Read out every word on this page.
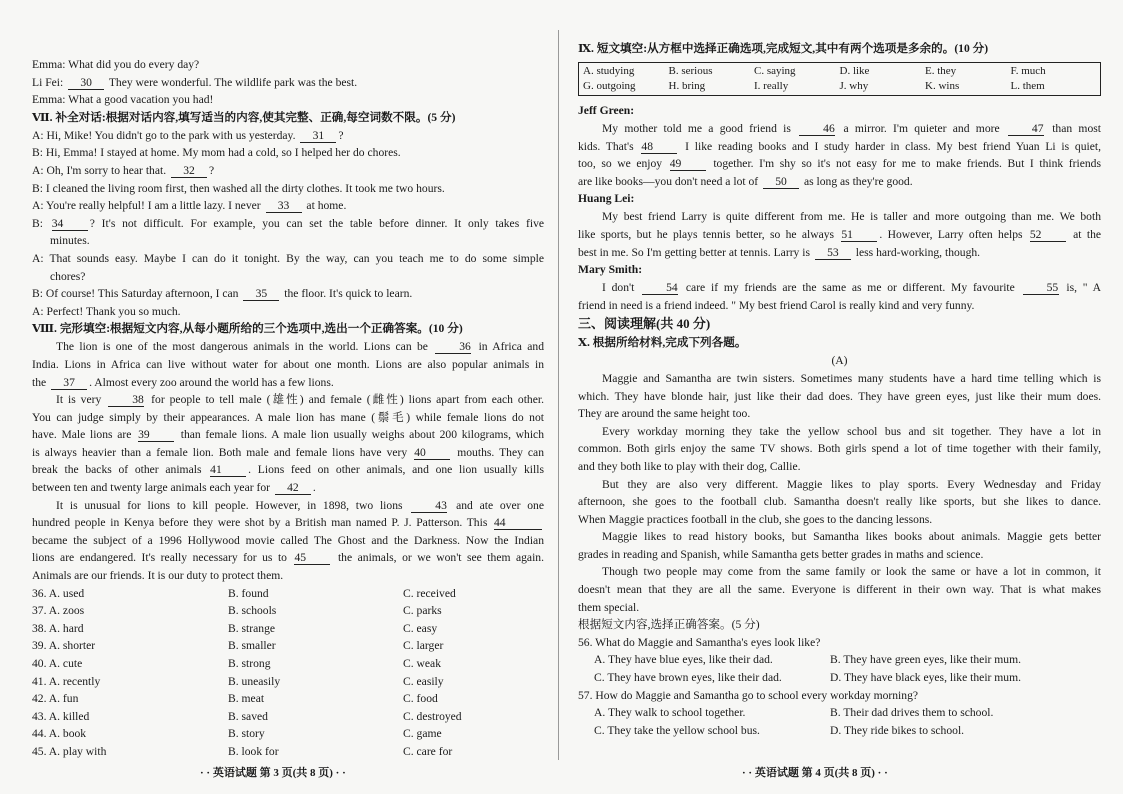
Emma: What did you do every day?

Li Fei: 30 They were wonderful. The wildlife park was the best.

Emma: What a good vacation you had!

Ⅶ. 补全对话:根据对话内容,填写适当的内容,使其完整、正确,每空词数不限。(5 分)

A: Hi, Mike! You didn't go to the park with us yesterday. 31 ?

B: Hi, Emma! I stayed at home. My mom had a cold, so I helped her do chores.

A: Oh, I'm sorry to hear that. 32 ?

B: I cleaned the living room first, then washed all the dirty clothes. It took me two hours.

A: You're really helpful! I am a little lazy. I never 33 at home.

B: 34 ? It's not difficult. For example, you can set the table before dinner. It only takes five

minutes.

A: That sounds easy. Maybe I can do it tonight. By the way, can you teach me to do some simple

chores?

B: Of course! This Saturday afternoon, I can 35 the floor. It's quick to learn.

A: Perfect! Thank you so much.

Ⅷ. 完形填空:根据短文内容,从每小题所给的三个选项中,选出一个正确答案。(10 分)

The lion is one of the most dangerous animals in the world. Lions can be 36 in Africa and

India. Lions in Africa can live without water for about one month. Lions are also popular animals in

the 37 . Almost every zoo around the world has a few lions.

It is very 38 for people to tell male (雄性) and female (雌性) lions apart from each other.

You can judge simply by their appearances. A male lion has mane (鬃毛) while female lions do not

have. Male lions are 39 than female lions. A male lion usually weighs about 200 kilograms, which

is always heavier than a female lion. Both male and female lions have very 40 mouths. They can

break the backs of other animals 41 . Lions feed on other animals, and one lion usually kills

between ten and twenty large animals each year for 42 .

It is unusual for lions to kill people. However, in 1898, two lions 43 and ate over one

hundred people in Kenya before they were shot by a British man named P. J. Patterson. This 44

became the subject of a 1996 Hollywood movie called The Ghost and the Darkness. Now the Indian

lions are endangered. It's really necessary for us to 45 the animals, or we won't see them again.

Animals are our friends. It is our duty to protect them.

36. A. used	B. found	C. received
37. A. zoos	B. schools	C. parks
38. A. hard	B. strange	C. easy
39. A. shorter	B. smaller	C. larger
40. A. cute	B. strong	C. weak
41. A. recently	B. uneasily	C. easily
42. A. fun	B. meat	C. food
43. A. killed	B. saved	C. destroyed
44. A. book	B. story	C. game
45. A. play with	B. look for	C. care for
· · 英语试题 第 3 页(共 8 页) · ·

Ⅸ. 短文填空:从方框中选择正确选项,完成短文,其中有两个选项是多余的。(10 分)

A. studying	B. serious	C. saying	D. like	E. they	F. much
G. outgoing	H. bring	I. really	J. why	K. wins	L. them

Jeff Green:

My mother told me a good friend is 46 a mirror. I'm quieter and more 47 than most

kids. That's 48 I like reading books and I study harder in class. My best friend Yuan Li is quiet,

too, so we enjoy 49 together. I'm shy so it's not easy for me to make friends. But I think friends

are like books—you don't need a lot of 50 as long as they're good.

Huang Lei:

My best friend Larry is quite different from me. He is taller and more outgoing than me. We both

like sports, but he plays tennis better, so he always 51 . However, Larry often helps 52 at the

best in me. So I'm getting better at tennis. Larry is 53 less hard-working, though.

Mary Smith:

I don't 54 care if my friends are the same as me or different. My favourite 55 is, " A

friend in need is a friend indeed. " My best friend Carol is really kind and very funny.

三、阅读理解(共 40 分)

Ⅹ. 根据所给材料,完成下列各题。

(A)

Maggie and Samantha are twin sisters. Sometimes many students have a hard time telling which is

which. They have blonde hair, just like their dad does. They have green eyes, just like their mum does.

They are around the same height too.

Every workday morning they take the yellow school bus and sit together. They have a lot in

common. Both girls enjoy the same TV shows. Both girls spend a lot of time together with their family,

and they both like to play with their dog, Callie.

But they are also very different. Maggie likes to play sports. Every Wednesday and Friday

afternoon, she goes to the football club. Samantha doesn't really like sports, but she likes to dance.

When Maggie practices football in the club, she goes to the dancing lessons.

Maggie likes to read history books, but Samantha likes books about animals. Maggie gets better

grades in reading and Spanish, while Samantha gets better grades in maths and science.

Though two people may come from the same family or look the same or have a lot in common, it

doesn't mean that they are all the same. Everyone is different in their own way. That is what makes

them special.

根据短文内容,选择正确答案。(5 分)

56. What do Maggie and Samantha's eyes look like?

A. They have blue eyes, like their dad.	B. They have green eyes, like their mum.
C. They have brown eyes, like their dad.	D. They have black eyes, like their mum.

57. How do Maggie and Samantha go to school every workday morning?

A. They walk to school together.	B. Their dad drives them to school.
C. They take the yellow school bus.	D. They ride bikes to school.
· · 英语试题 第 4 页(共 8 页) · ·
